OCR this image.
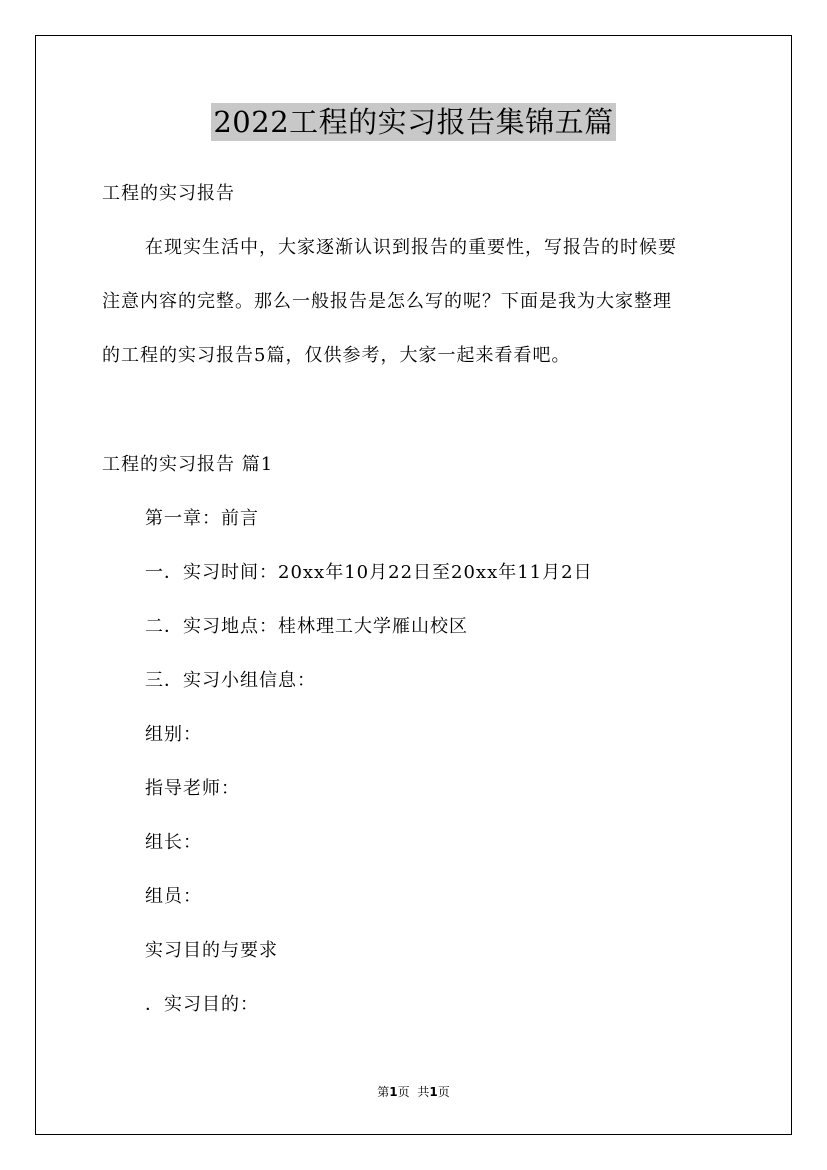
2022工程的实习报告集锦五篇
工程的实习报告
在现实生活中，大家逐渐认识到报告的重要性，写报告的时候要
注意内容的完整。那么一般报告是怎么写的呢？下面是我为大家整理
的工程的实习报告5篇，仅供参考，大家一起来看看吧。
工程的实习报告 篇1
第一章：前言
一．实习时间：20xx年10月22日至20xx年11月2日
二．实习地点：桂林理工大学雁山校区
三．实习小组信息：
组别：
指导老师：
组长：
组员：
实习目的与要求
．实习目的：
第1页 共1页
